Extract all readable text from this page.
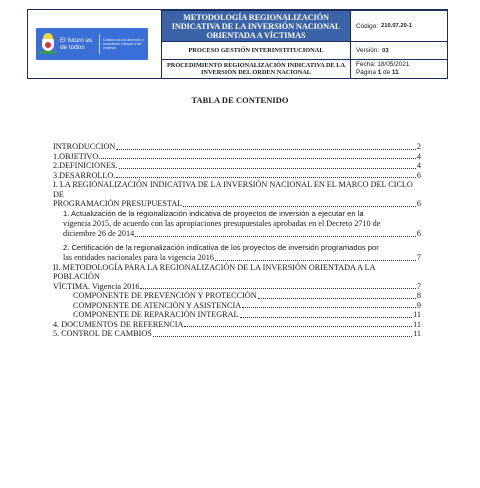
El futuro es de todos
Unidad para la atención y reparación integral a las víctimas
METODOLOGÍA REGIONALIZACIÓN INDICATIVA DE LA INVERSIÓN NACIONAL ORIENTADA A VÍCTIMAS
PROCESO GESTIÓN INTERINSTITUCIONAL
PROCEDIMIENTO REGIONALIZACIÓN INDICATIVA DE LA INVERSIÓN DEL ORDEN NACIONAL
Código: 210.07.20-1
Versión: 03
Fecha: 18/05/2021
Página 1 de 11
TABLA DE CONTENIDO
INTRODUCCION	2
1.OBJETIVO.	4
2.DEFINICIONES.	4
3.DESARROLLO.	6
I. LA REGIONALIZACIÓN INDICATIVA DE LA INVERSIÓN NACIONAL EN EL MARCO DEL CICLO DE
PROGRAMACIÓN PRESUPUESTAL	6
1. Actualización de la regionalización indicativa de proyectos de inversión a ejecutar en la
vigencia 2015, de acuerdo con las apropiaciones presupuestales aprobadas en el Decreto 2710 de
diciembre 26 de 2014	6
2. Certificación de la regionalización indicativa de los proyectos de inversión programados por
las entidades nacionales para la vigencia 2016	7
II. METODOLOGÍA PARA LA REGIONALIZACIÓN DE LA INVERSIÓN ORIENTADA A LA POBLACIÓN
VÍCTIMA. Vigencia 2016	7
COMPONENTE DE PREVENCIÓN Y PROTECCIÓN	8
COMPONENTE DE ATENCIÓN Y ASISTENCIA	9
COMPONENTE DE REPARACIÓN INTEGRAL	11
4. DOCUMENTOS DE REFERENCIA	11
5. CONTROL DE CAMBIOS	11
